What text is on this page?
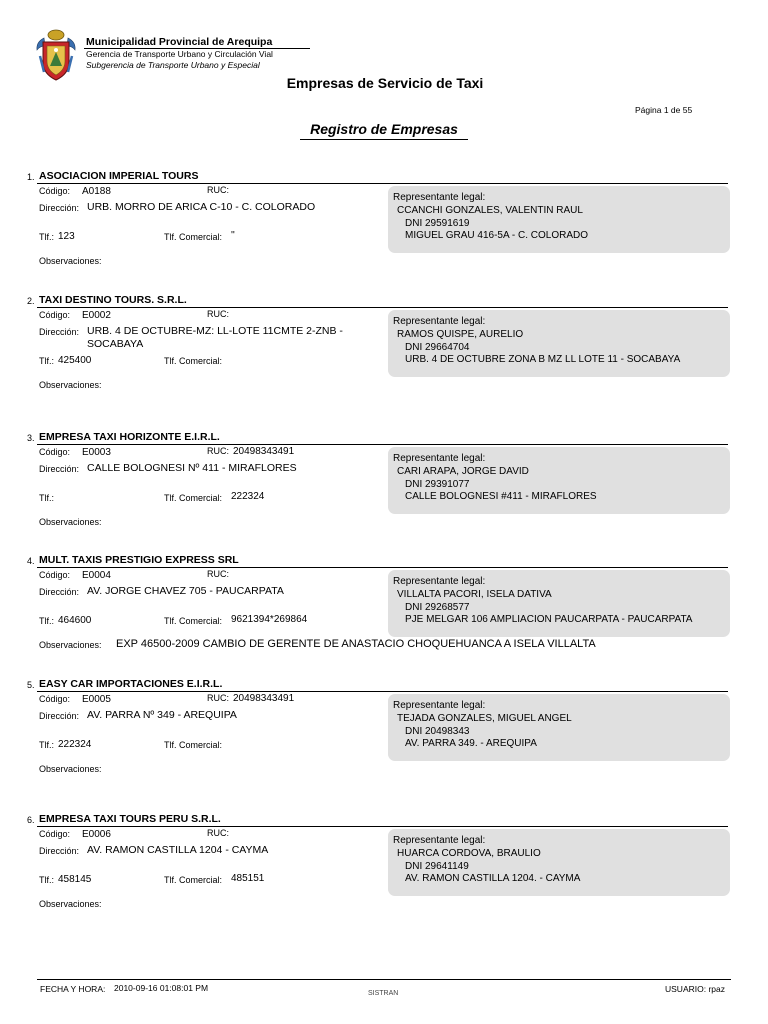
Municipalidad Provincial de Arequipa
Gerencia de Transporte Urbano y Circulación Vial
Subgerencia de Transporte Urbano y Especial
Empresas de Servicio de Taxi
Página 1 de 55
Registro de Empresas
1. ASOCIACION IMPERIAL TOURS
Código: A0188	RUC:
Dirección: URB. MORRO DE ARICA C-10 - C. COLORADO
Tlf.: 123	Tlf. Comercial: ''
Observaciones:
Representante legal:
CCANCHI GONZALES, VALENTIN RAUL
DNI 29591619
MIGUEL GRAU 416-5A - C. COLORADO
2. TAXI DESTINO TOURS. S.R.L.
Código: E0002	RUC:
Dirección: URB. 4 DE OCTUBRE-MZ: LL-LOTE 11CMTE 2-ZNB -
SOCABAYA
Tlf.: 425400	Tlf. Comercial:
Observaciones:
Representante legal:
RAMOS QUISPE, AURELIO
DNI 29664704
URB. 4 DE OCTUBRE ZONA B MZ LL LOTE 11 - SOCABAYA
3. EMPRESA TAXI HORIZONTE E.I.R.L.
Código: E0003	RUC: 20498343491
Dirección: CALLE BOLOGNESI Nº 411 - MIRAFLORES
Tlf.:	Tlf. Comercial: 222324
Observaciones:
Representante legal:
CARI ARAPA, JORGE DAVID
DNI 29391077
CALLE BOLOGNESI #411 - MIRAFLORES
4. MULT. TAXIS PRESTIGIO EXPRESS SRL
Código: E0004	RUC:
Dirección: AV. JORGE CHAVEZ 705 - PAUCARPATA
Tlf.: 464600	Tlf. Comercial: 9621394*269864
Observaciones: EXP 46500-2009 CAMBIO DE GERENTE DE ANASTACIO CHOQUEHUANCA A ISELA VILLALTA
Representante legal:
VILLALTA PACORI, ISELA DATIVA
DNI 29268577
PJE MELGAR 106 AMPLIACION PAUCARPATA - PAUCARPATA
5. EASY CAR IMPORTACIONES E.I.R.L.
Código: E0005	RUC: 20498343491
Dirección: AV. PARRA Nº 349 - AREQUIPA
Tlf.: 222324	Tlf. Comercial:
Observaciones:
Representante legal:
TEJADA GONZALES, MIGUEL ANGEL
DNI 20498343
AV. PARRA 349. - AREQUIPA
6. EMPRESA TAXI TOURS PERU S.R.L.
Código: E0006	RUC:
Dirección: AV. RAMON CASTILLA 1204 - CAYMA
Tlf.: 458145	Tlf. Comercial: 485151
Observaciones:
Representante legal:
HUARCA CORDOVA, BRAULIO
DNI 29641149
AV. RAMON CASTILLA 1204. - CAYMA
FECHA Y HORA: 2010-09-16 01:08:01 PM
SISTRAN	USUARIO: rpaz
